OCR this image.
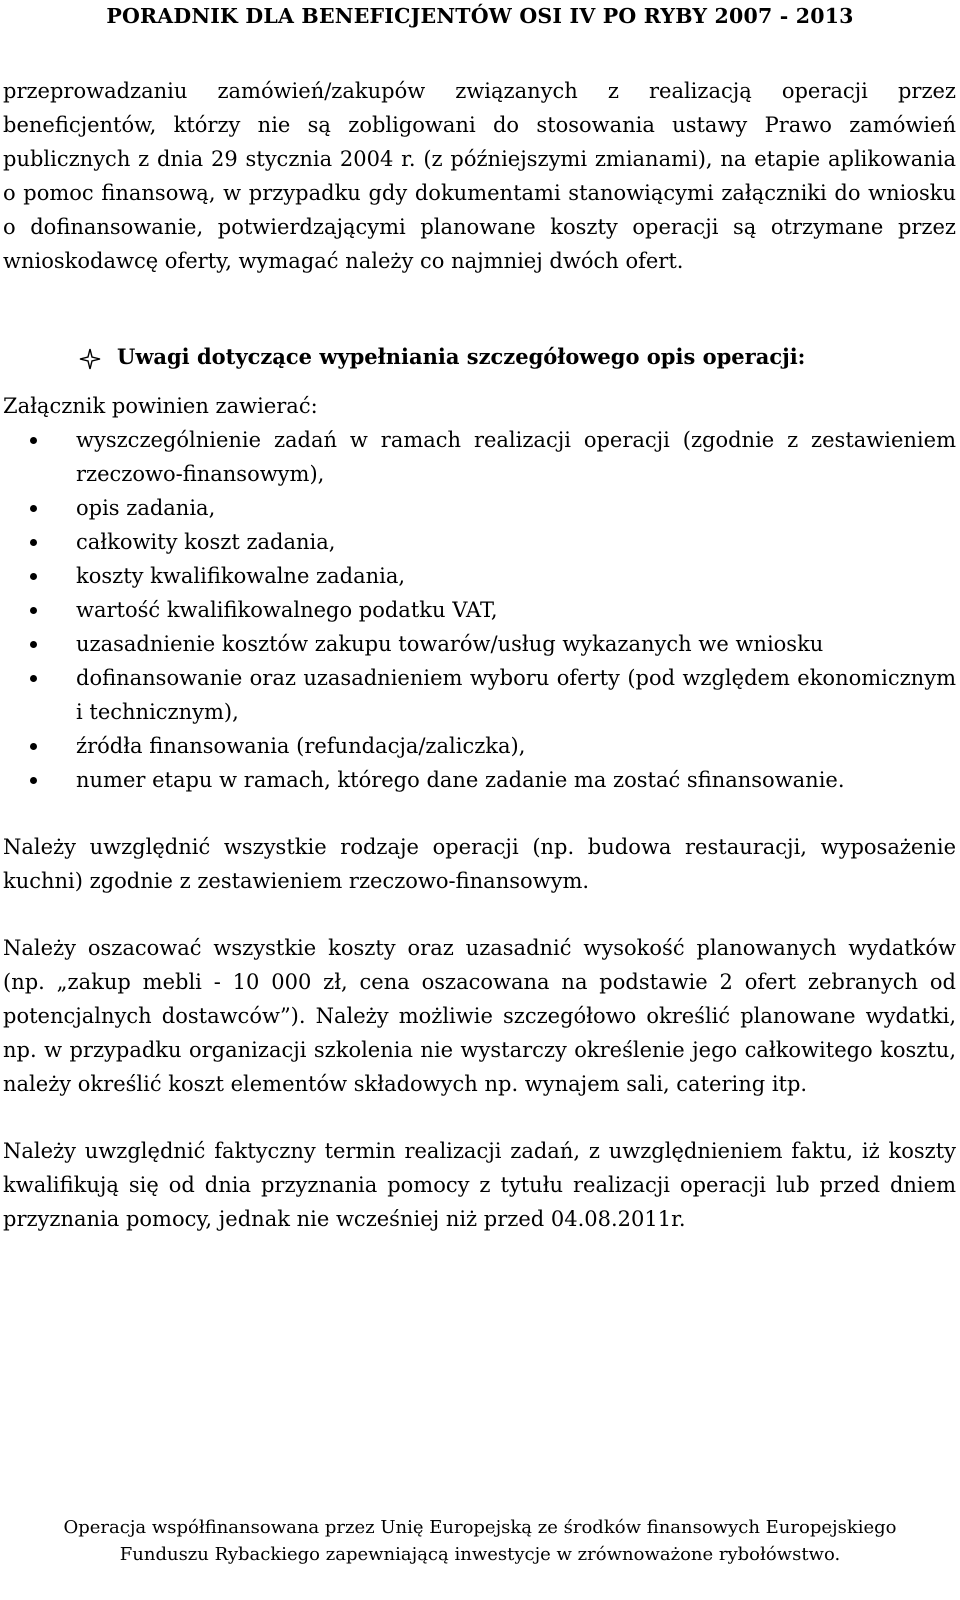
PORADNIK DLA BENEFICJENTÓW OSI IV PO RYBY 2007 - 2013

przeprowadzaniu zamówień/zakupów związanych z realizacją operacji przez beneficjentów, którzy nie są zobligowani do stosowania ustawy Prawo zamówień publicznych z dnia 29 stycznia 2004 r. (z późniejszymi zmianami), na etapie aplikowania o pomoc finansową, w przypadku gdy dokumentami stanowiącymi załączniki do wniosku o dofinansowanie, potwierdzającymi planowane koszty operacji są otrzymane przez wnioskodawcę oferty, wymagać należy co najmniej dwóch ofert.

Uwagi dotyczące wypełniania szczegółowego opis operacji:

Załącznik powinien zawierać:

wyszczególnienie zadań w ramach realizacji operacji (zgodnie z zestawieniem rzeczowo-finansowym),
opis zadania,
całkowity koszt zadania,
koszty kwalifikowalne zadania,
wartość kwalifikowalnego podatku VAT,
uzasadnienie kosztów zakupu towarów/usług wykazanych we wniosku
dofinansowanie oraz uzasadnieniem wyboru oferty (pod względem ekonomicznym i technicznym),
źródła finansowania (refundacja/zaliczka),
numer etapu w ramach, którego dane zadanie ma zostać sfinansowanie.

Należy uwzględnić wszystkie rodzaje operacji (np. budowa restauracji, wyposażenie kuchni) zgodnie z zestawieniem rzeczowo-finansowym.

Należy oszacować wszystkie koszty oraz uzasadnić wysokość planowanych wydatków (np. „zakup mebli - 10 000 zł, cena oszacowana na podstawie 2 ofert zebranych od potencjalnych dostawców”). Należy możliwie szczegółowo określić planowane wydatki, np. w przypadku organizacji szkolenia nie wystarczy określenie jego całkowitego kosztu, należy określić koszt elementów składowych np. wynajem sali, catering itp.

Należy uwzględnić faktyczny termin realizacji zadań, z uwzględnieniem faktu, iż koszty kwalifikują się od dnia przyznania pomocy z tytułu realizacji operacji lub przed dniem przyznania pomocy, jednak nie wcześniej niż przed 04.08.2011r.

Operacja współfinansowana przez Unię Europejską ze środków finansowych Europejskiego
Funduszu Rybackiego zapewniającą inwestycje w zrównoważone rybołówstwo.
